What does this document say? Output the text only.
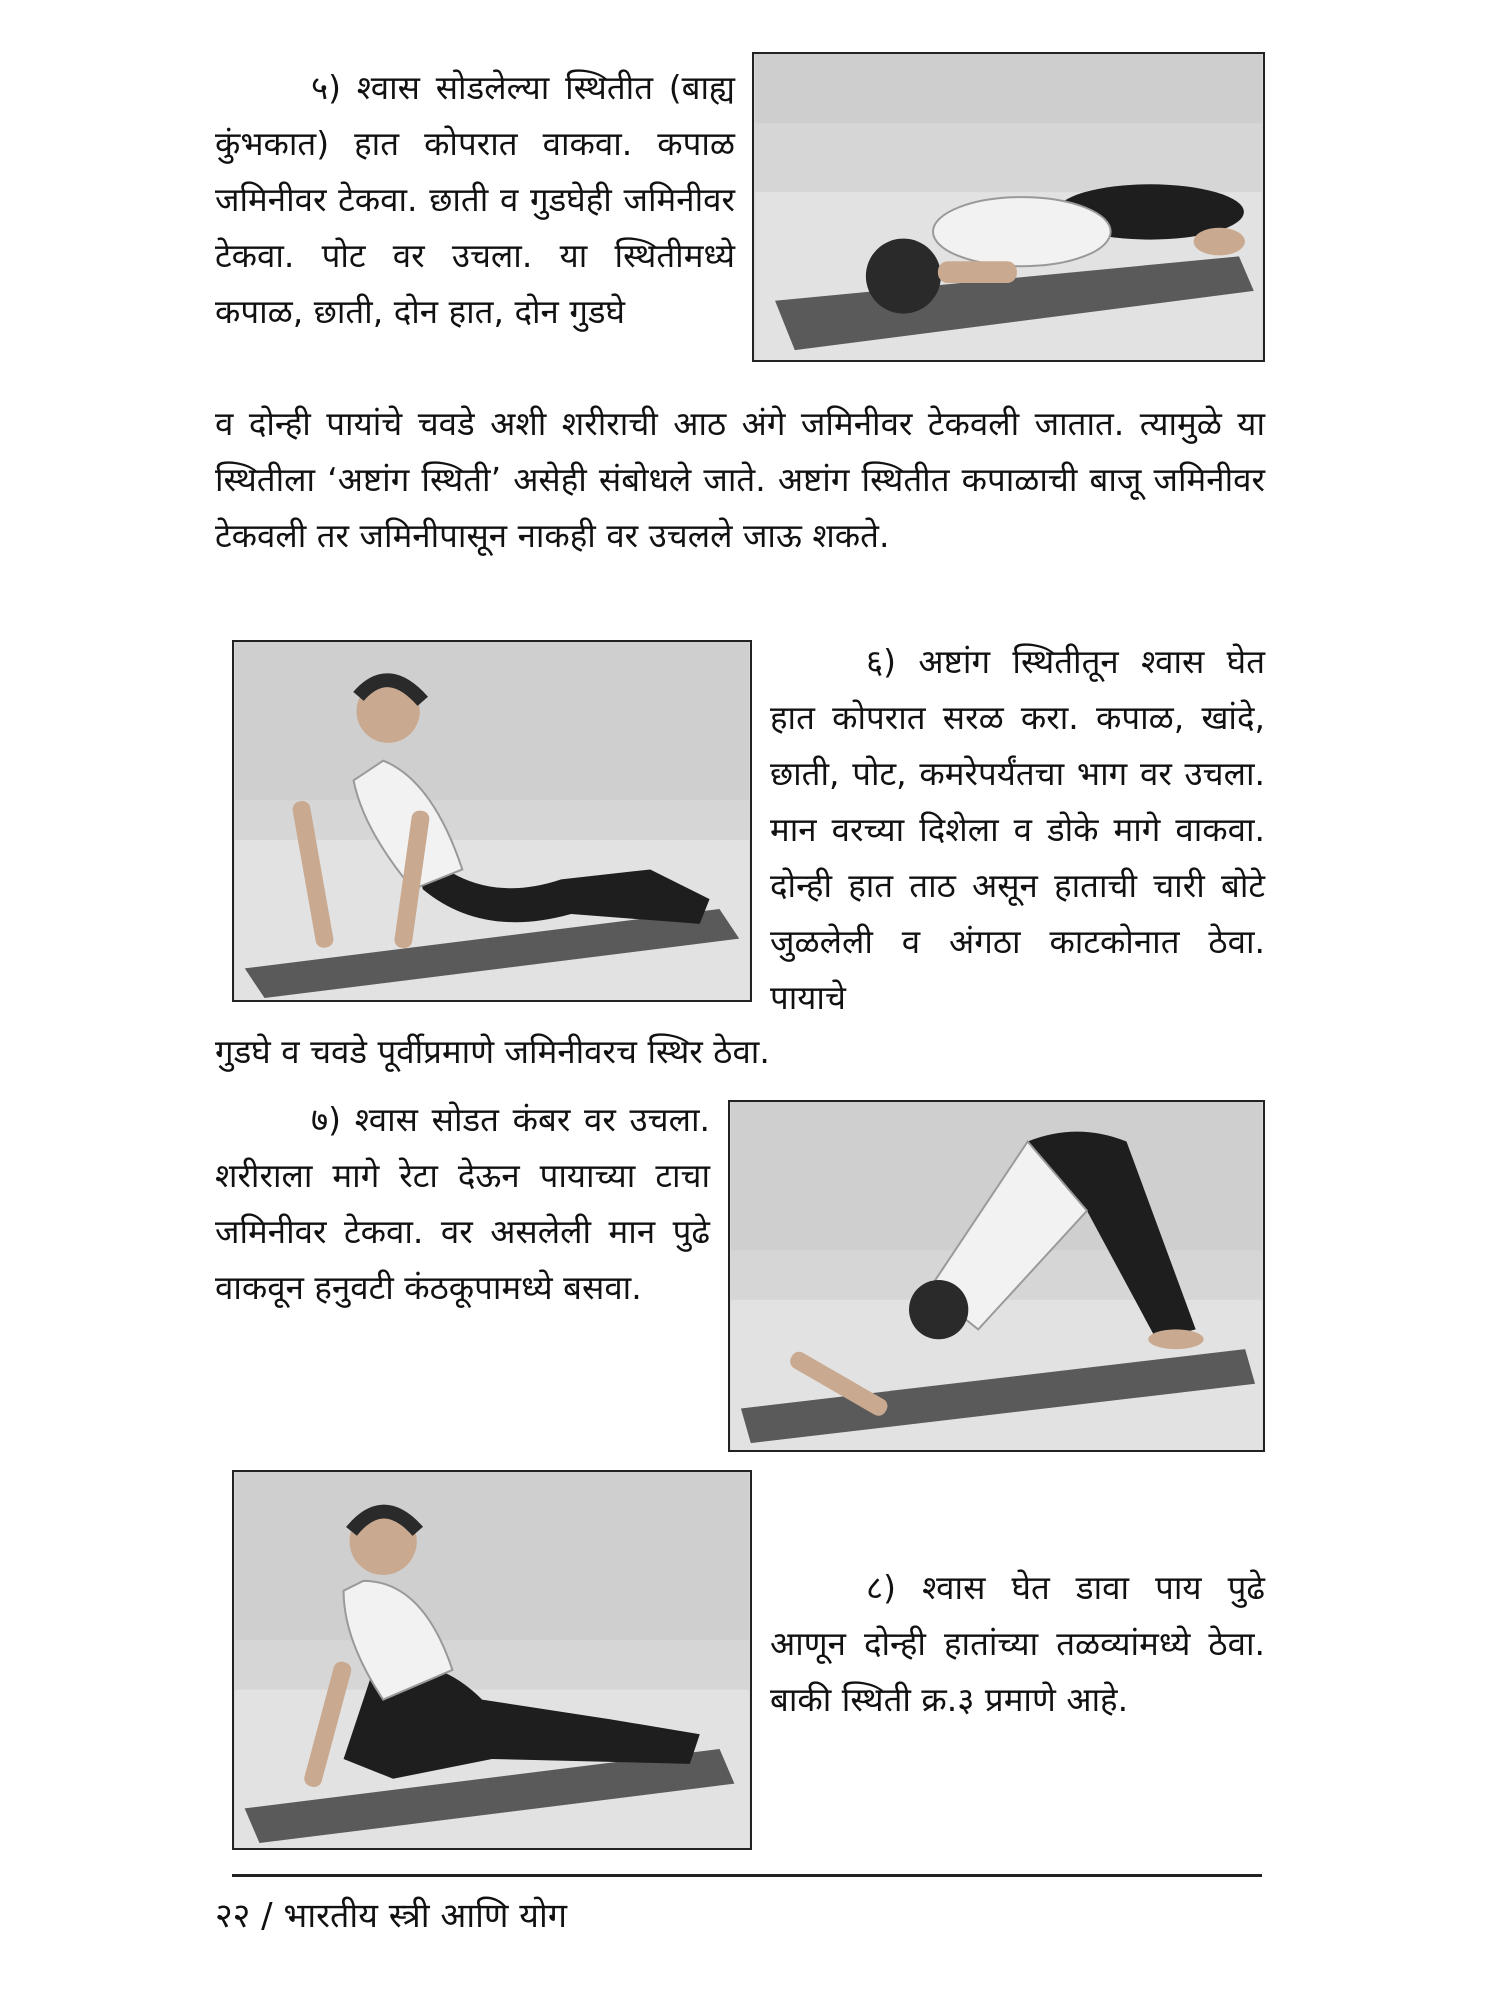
५) श्वास सोडलेल्या स्थितीत (बाह्य कुंभकात) हात कोपरात वाकवा. कपाळ जमिनीवर टेकवा. छाती व गुडघेही जमिनीवर टेकवा. पोट वर उचला. या स्थितीमध्ये कपाळ, छाती, दोन हात, दोन गुडघे

व दोन्ही पायांचे चवडे अशी शरीराची आठ अंगे जमिनीवर टेकवली जातात. त्यामुळे या स्थितीला ‘अष्टांग स्थिती’ असेही संबोधले जाते. अष्टांग स्थितीत कपाळाची बाजू जमिनीवर टेकवली तर जमिनीपासून नाकही वर उचलले जाऊ शकते.

६) अष्टांग स्थितीतून श्वास घेत हात कोपरात सरळ करा. कपाळ, खांदे, छाती, पोट, कमरेपर्यंतचा भाग वर उचला. मान वरच्या दिशेला व डोके मागे वाकवा. दोन्ही हात ताठ असून हाताची चारी बोटे जुळलेली व अंगठा काटकोनात ठेवा. पायाचे

गुडघे व चवडे पूर्वीप्रमाणे जमिनीवरच स्थिर ठेवा.

७) श्वास सोडत कंबर वर उचला. शरीराला मागे रेटा देऊन पायाच्या टाचा जमिनीवर टेकवा. वर असलेली मान पुढे वाकवून हनुवटी कंठकूपामध्ये बसवा.

८) श्वास घेत डावा पाय पुढे आणून दोन्ही हातांच्या तळव्यांमध्ये ठेवा. बाकी स्थिती क्र.३ प्रमाणे आहे.

२२ / भारतीय स्त्री आणि योग
